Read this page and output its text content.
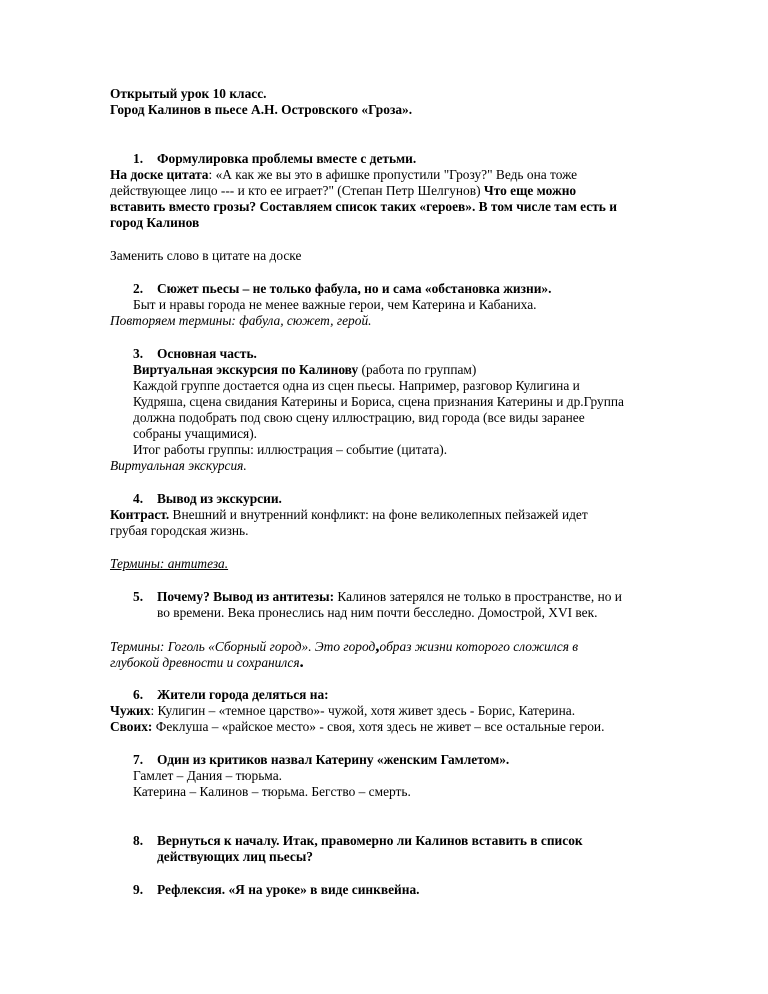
Открытый урок 10 класс.
Город Калинов в пьесе А.Н. Островского «Гроза».
1. Формулировка проблемы вместе с детьми.
На доске цитата: «А как же вы это в афишке пропустили "Грозу?" Ведь она тоже
действующее лицо --- и кто ее играет?" (Степан Петр Шелгунов) Что еще можно
вставить вместо грозы? Составляем список таких «героев». В том числе там есть и
город Калинов
Заменить слово в цитате на доске
2. Сюжет пьесы – не только фабула, но и сама «обстановка жизни».
Быт и нравы города не менее важные герои, чем Катерина и Кабаниха.
Повторяем термины: фабула, сюжет, герой.
3. Основная часть.
Виртуальная экскурсия по Калинову (работа по группам)
Каждой группе достается одна из сцен пьесы. Например, разговор Кулигина и
Кудряша, сцена свидания Катерины и Бориса, сцена признания Катерины и др.Группа
должна подобрать под свою сцену иллюстрацию, вид города (все виды заранее
собраны учащимися).
Итог работы группы: иллюстрация – событие (цитата).
Виртуальная экскурсия.
4. Вывод из экскурсии.
Контраст. Внешний и внутренний конфликт: на фоне великолепных пейзажей идет
грубая городская жизнь.
Термины: антитеза.
5. Почему? Вывод из антитезы: Калинов затерялся не только в пространстве, но и
во времени. Века пронеслись над ним почти бесследно. Домострой, XVI век.
Термины: Гоголь «Сборный город». Это город,образ жизни которого сложился в
глубокой древности и сохранился.
6. Жители города деляться на:
Чужих: Кулигин – «темное царство»- чужой, хотя живет здесь - Борис, Катерина.
Своих: Феклуша – «райское место» - своя, хотя здесь не живет – все остальные герои.
7. Один из критиков назвал Катерину «женским Гамлетом».
Гамлет – Дания – тюрьма.
Катерина – Калинов – тюрьма. Бегство – смерть.
8. Вернуться к началу. Итак, правомерно ли Калинов вставить в список
действующих лиц пьесы?
9. Рефлексия. «Я на уроке» в виде синквейна.
